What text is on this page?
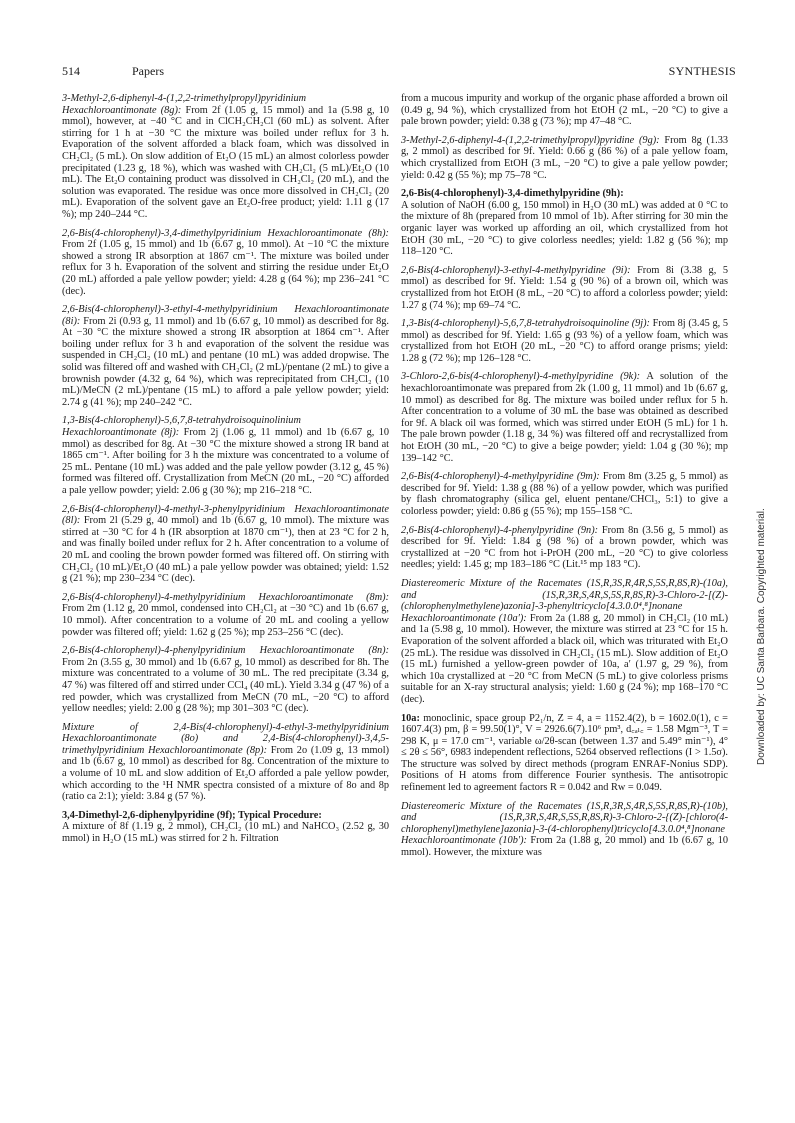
514	Papers	SYNTHESIS

3-Methyl-2,6-diphenyl-4-(1,2,2-trimethylpropyl)pyridinium Hexachloroantimonate (8g): From 2f (1.05 g, 15 mmol) and 1a (5.98 g, 10 mmol), however, at −40 °C and in ClCH₂CH₂Cl (60 mL) as solvent. After stirring for 1 h at −30 °C the mixture was boiled under reflux for 3 h. Evaporation of the solvent afforded a black foam, which was dissolved in CH₂Cl₂ (5 mL). On slow addition of Et₂O (15 mL) an almost colorless powder precipitated (1.23 g, 18 %), which was washed with CH₂Cl₂ (5 mL)/Et₂O (10 mL). The Et₂O containing product was dissolved in CH₂Cl₂ (20 mL), and the solution was evaporated. The residue was once more dissolved in CH₂Cl₂ (20 mL). Evaporation of the solvent gave an Et₂O-free product; yield: 1.11 g (17 %); mp 240–244 °C.

2,6-Bis(4-chlorophenyl)-3,4-dimethylpyridinium Hexachloroantimonate (8h): From 2f (1.05 g, 15 mmol) and 1b (6.67 g, 10 mmol). At −10 °C the mixture showed a strong IR absorption at 1867 cm⁻¹. The mixture was boiled under reflux for 3 h. Evaporation of the solvent and stirring the residue under Et₂O (20 mL) afforded a pale yellow powder; yield: 4.28 g (64 %); mp 236–241 °C (dec).

2,6-Bis(4-chlorophenyl)-3-ethyl-4-methylpyridinium Hexachloroantimonate (8i): From 2i (0.93 g, 11 mmol) and 1b (6.67 g, 10 mmol) as described for 8g. At −30 °C the mixture showed a strong IR absorption at 1864 cm⁻¹. After boiling under reflux for 3 h and evaporation of the solvent the residue was suspended in CH₂Cl₂ (10 mL) and pentane (10 mL) was added dropwise. The solid was filtered off and washed with CH₂Cl₂ (2 mL)/pentane (2 mL) to give a brownish powder (4.32 g, 64 %), which was reprecipitated from CH₂Cl₂ (10 mL)/MeCN (2 mL)/pentane (15 mL) to afford a pale yellow powder; yield: 2.74 g (41 %); mp 240–242 °C.

1,3-Bis(4-chlorophenyl)-5,6,7,8-tetrahydroisoquinolinium Hexachloroantimonate (8j): From 2j (1.06 g, 11 mmol) and 1b (6.67 g, 10 mmol) as described for 8g. At −30 °C the mixture showed a strong IR band at 1865 cm⁻¹. After boiling for 3 h the mixture was concentrated to a volume of 25 mL. Pentane (10 mL) was added and the pale yellow powder (3.12 g, 45 %) formed was filtered off. Crystallization from MeCN (20 mL, −20 °C) afforded a pale yellow powder; yield: 2.06 g (30 %); mp 216–218 °C.

2,6-Bis(4-chlorophenyl)-4-methyl-3-phenylpyridinium Hexachloroantimonate (8l): From 2l (5.29 g, 40 mmol) and 1b (6.67 g, 10 mmol). The mixture was stirred at −30 °C for 4 h (IR absorption at 1870 cm⁻¹), then at 23 °C for 2 h, and was finally boiled under reflux for 2 h. After concentration to a volume of 20 mL and cooling the brown powder formed was filtered off. On stirring with CH₂Cl₂ (10 mL)/Et₂O (40 mL) a pale yellow powder was obtained; yield: 1.52 g (21 %); mp 230–234 °C (dec).

2,6-Bis(4-chlorophenyl)-4-methylpyridinium Hexachloroantimonate (8m): From 2m (1.12 g, 20 mmol, condensed into CH₂Cl₂ at −30 °C) and 1b (6.67 g, 10 mmol). After concentration to a volume of 20 mL and cooling a yellow powder was filtered off; yield: 1.62 g (25 %); mp 253–256 °C (dec).

2,6-Bis(4-chlorophenyl)-4-phenylpyridinium Hexachloroantimonate (8n): From 2n (3.55 g, 30 mmol) and 1b (6.67 g, 10 mmol) as described for 8h. The mixture was concentrated to a volume of 30 mL. The red precipitate (3.34 g, 47 %) was filtered off and stirred under CCl₄ (40 mL). Yield 3.34 g (47 %) of a red powder, which was crystallized from MeCN (70 mL, −20 °C) to afford yellow needles; yield: 2.00 g (28 %); mp 301–303 °C (dec).

Mixture of 2,4-Bis(4-chlorophenyl)-4-ethyl-3-methylpyridinium Hexachloroantimonate (8o) and 2,4-Bis(4-chlorophenyl)-3,4,5-trimethylpyridinium Hexachloroantimonate (8p): From 2o (1.09 g, 13 mmol) and 1b (6.67 g, 10 mmol) as described for 8g. Concentration of the mixture to a volume of 10 mL and slow addition of Et₂O afforded a pale yellow powder, which according to the ¹H NMR spectra consisted of a mixture of 8o and 8p (ratio ca 2:1); yield: 3.84 g (57 %).

3,4-Dimethyl-2,6-diphenylpyridine (9f); Typical Procedure:
A mixture of 8f (1.19 g, 2 mmol), CH₂Cl₂ (10 mL) and NaHCO₃ (2.52 g, 30 mmol) in H₂O (15 mL) was stirred for 2 h. Filtration

from a mucous impurity and workup of the organic phase afforded a brown oil (0.49 g, 94 %), which crystallized from hot EtOH (2 mL, −20 °C) to give a pale brown powder; yield: 0.38 g (73 %); mp 47–48 °C.

3-Methyl-2,6-diphenyl-4-(1,2,2-trimethylpropyl)pyridine (9g): From 8g (1.33 g, 2 mmol) as described for 9f. Yield: 0.66 g (86 %) of a pale yellow foam, which crystallized from EtOH (3 mL, −20 °C) to give a pale yellow powder; yield: 0.42 g (55 %); mp 75–78 °C.

2,6-Bis(4-chlorophenyl)-3,4-dimethylpyridine (9h):
A solution of NaOH (6.00 g, 150 mmol) in H₂O (30 mL) was added at 0 °C to the mixture of 8h (prepared from 10 mmol of 1b). After stirring for 30 min the organic layer was worked up affording an oil, which crystallized from hot EtOH (30 mL, −20 °C) to give colorless needles; yield: 1.82 g (56 %); mp 118–120 °C.

2,6-Bis(4-chlorophenyl)-3-ethyl-4-methylpyridine (9i): From 8i (3.38 g, 5 mmol) as described for 9f. Yield: 1.54 g (90 %) of a brown oil, which was crystallized from hot EtOH (8 mL, −20 °C) to afford a colorless powder; yield: 1.27 g (74 %); mp 69–74 °C.

1,3-Bis(4-chlorophenyl)-5,6,7,8-tetrahydroisoquinoline (9j): From 8j (3.45 g, 5 mmol) as described for 9f. Yield: 1.65 g (93 %) of a yellow foam, which was crystallized from hot EtOH (20 mL, −20 °C) to afford orange prisms; yield: 1.28 g (72 %); mp 126–128 °C.

3-Chloro-2,6-bis(4-chlorophenyl)-4-methylpyridine (9k): A solution of the hexachloroantimonate was prepared from 2k (1.00 g, 11 mmol) and 1b (6.67 g, 10 mmol) as described for 8g. The mixture was boiled under reflux for 5 h. After concentration to a volume of 30 mL the base was obtained as described for 9f. A black oil was formed, which was stirred under EtOH (5 mL) for 1 h. The pale brown powder (1.18 g, 34 %) was filtered off and recrystallized from hot EtOH (30 mL, −20 °C) to give a beige powder; yield: 1.04 g (30 %); mp 139–142 °C.

2,6-Bis(4-chlorophenyl)-4-methylpyridine (9m): From 8m (3.25 g, 5 mmol) as described for 9f. Yield: 1.38 g (88 %) of a yellow powder, which was purified by flash chromatography (silica gel, eluent pentane/CHCl₃, 5:1) to give a colorless powder; yield: 0.86 g (55 %); mp 155–158 °C.

2,6-Bis(4-chlorophenyl)-4-phenylpyridine (9n): From 8n (3.56 g, 5 mmol) as described for 9f. Yield: 1.84 g (98 %) of a brown powder, which was crystallized at −20 °C from hot i-PrOH (200 mL, −20 °C) to give colorless needles; yield: 1.45 g; mp 183–186 °C (Lit.¹⁵ mp 183 °C).

Diastereomeric Mixture of the Racemates (1S,R,3S,R,4R,S,5S,R,8S,R)-(10a), and (1S,R,3R,S,4R,S,5S,R,8S,R)-3-Chloro-2-[(Z)-(chlorophenylmethylene)azonia]-3-phenyltricyclo[4.3.0.0⁴,⁸]nonane Hexachloroantimonate (10a′): From 2a (1.88 g, 20 mmol) in CH₂Cl₂ (10 mL) and 1a (5.98 g, 10 mmol). However, the mixture was stirred at 23 °C for 15 h. Evaporation of the solvent afforded a black oil, which was triturated with Et₂O (25 mL). The residue was dissolved in CH₂Cl₂ (15 mL). Slow addition of Et₂O (15 mL) furnished a yellow-green powder of 10a, a′ (1.97 g, 29 %), from which 10a crystallized at −20 °C from MeCN (5 mL) to give colorless prisms suitable for an X-ray structural analysis; yield: 1.60 g (24 %); mp 168–170 °C (dec).

10a: monoclinic, space group P2₁/n, Z = 4, a = 1152.4(2), b = 1602.0(1), c = 1607.4(3) pm, β = 99.50(1)°, V = 2926.6(7).10⁶ pm³, d꜀ₐₗ꜀ = 1.58 Mgm⁻³, T = 298 K, μ = 17.0 cm⁻¹, variable ω/2θ-scan (between 1.37 and 5.49° min⁻¹), 4° ≤ 2θ ≤ 56°, 6983 independent reflections, 5264 observed reflections (I > 1.5σ). The structure was solved by direct methods (program ENRAF-Nonius SDP). Positions of H atoms from difference Fourier synthesis. The antisotropic refinement led to agreement factors R = 0.042 and Rw = 0.049.

Diastereomeric Mixture of the Racemates (1S,R,3R,S,4R,S,5S,R,8S,R)-(10b), and (1S,R,3R,S,4R,S,5S,R,8S,R)-3-Chloro-2-{(Z)-[chloro(4-chlorophenyl)methylene]azonia}-3-(4-chlorophenyl)tricyclo[4.3.0.0⁴,⁸]nonane Hexachloroantimonate (10b′): From 2a (1.88 g, 20 mmol) and 1b (6.67 g, 10 mmol). However, the mixture was

Downloaded by: UC Santa Barbara. Copyrighted material.
